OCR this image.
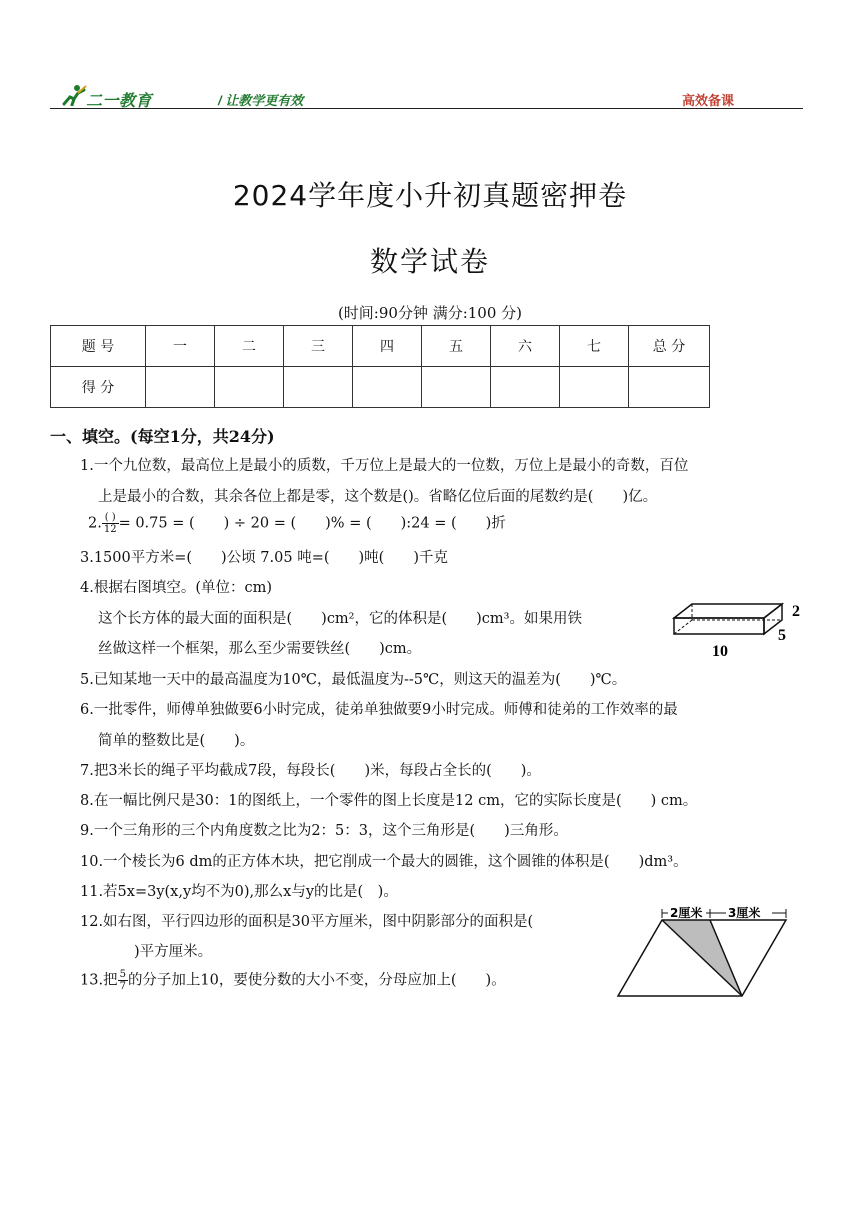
二一教育	/ 让教学更有效	高效备课
2024学年度小升初真题密押卷
数学试卷
(时间:90分钟 满分:100 分)
题 号	一	二	三	四	五	六	七	总 分
得 分								
一、填空。(每空1分，共24分)
1.一个九位数，最高位上是最小的质数，千万位上是最大的一位数，万位上是最小的奇数，百位
上是最小的合数，其余各位上都是零，这个数是()。省略亿位后面的尾数约是(　　)亿。
2. $\frac{( )}{12} = 0.75$ = (　　) ÷ 20 = (　　)% = (　　):24 = (　　)折
3.1500平方米=(　　)公顷 7.05 吨=(　　)吨(　　)千克
4.根据右图填空。(单位：cm)
这个长方体的最大面的面积是(　　)cm²，它的体积是(　　)cm³。如果用铁
丝做这样一个框架，那么至少需要铁丝(　　)cm。
2
5
10
5.已知某地一天中的最高温度为10℃，最低温度为--5℃，则这天的温差为(　　)℃。
6.一批零件，师傅单独做要6小时完成，徒弟单独做要9小时完成。师傅和徒弟的工作效率的最
简单的整数比是(　　)。
7.把3米长的绳子平均截成7段，每段长(　　)米，每段占全长的(　　)。
8.在一幅比例尺是30：1的图纸上，一个零件的图上长度是12 cm，它的实际长度是(　　) cm。
9.一个三角形的三个内角度数之比为2：5：3，这个三角形是(　　)三角形。
10.一个棱长为6 dm的正方体木块，把它削成一个最大的圆锥，这个圆锥的体积是(　　)dm³。
11.若5x=3y(x,y均不为0),那么x与y的比是(　)。
12.如右图，平行四边形的面积是30平方厘米，图中阴影部分的面积是(
)平方厘米。
13.把 $\frac{5}{7}$ 的分子加上10，要使分数的大小不变，分母应加上(　　)。
2厘米 3厘米
